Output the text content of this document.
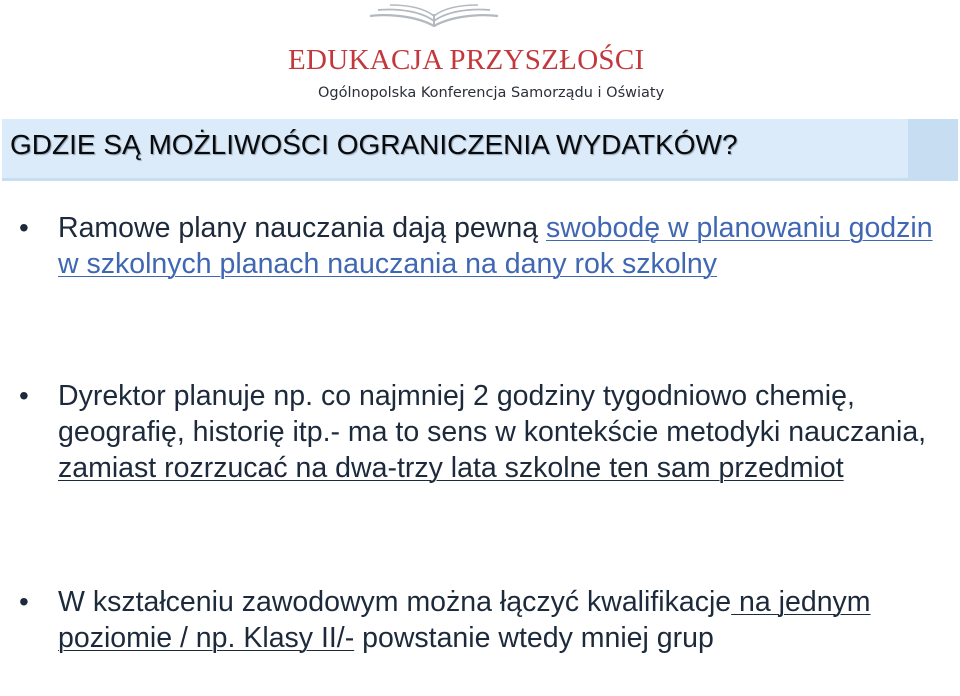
EDUKACJA PRZYSZŁOŚCI
Ogólnopolska Konferencja Samorządu i Oświaty
GDZIE SĄ MOŻLIWOŚCI OGRANICZENIA WYDATKÓW?
• Ramowe plany nauczania dają pewną swobodę w planowaniu godzin w szkolnych planach nauczania na dany rok szkolny
• Dyrektor planuje np. co najmniej 2 godziny tygodniowo chemię, geografię, historię itp.- ma to sens w kontekście metodyki nauczania, zamiast rozrzucać na dwa-trzy lata szkolne ten sam przedmiot
• W kształceniu zawodowym można łączyć kwalifikacje na jednym poziomie / np. Klasy II/- powstanie wtedy mniej grup
